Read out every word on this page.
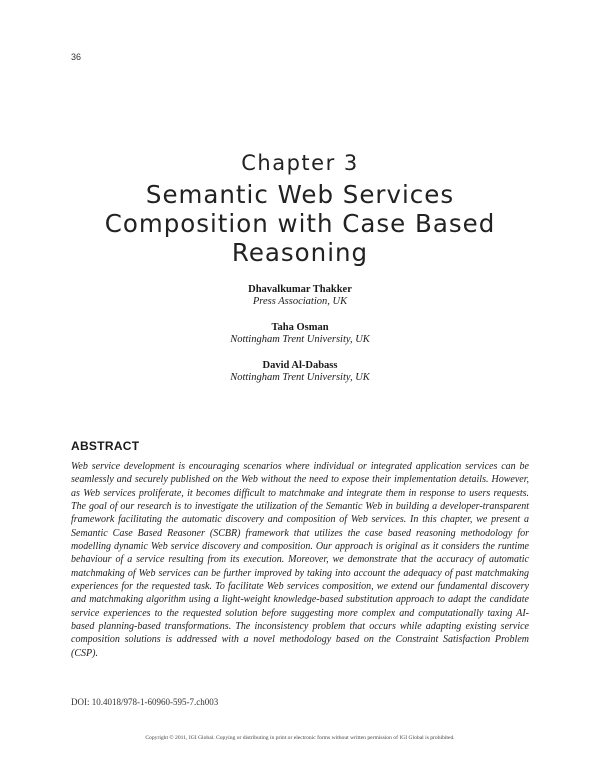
36
Chapter 3
Semantic Web Services Composition with Case Based Reasoning
Dhavalkumar Thakker
Press Association, UK
Taha Osman
Nottingham Trent University, UK
David Al-Dabass
Nottingham Trent University, UK
ABSTRACT

Web service development is encouraging scenarios where individual or integrated application services can be seamlessly and securely published on the Web without the need to expose their implementation details. However, as Web services proliferate, it becomes difficult to matchmake and integrate them in response to users requests. The goal of our research is to investigate the utilization of the Semantic Web in building a developer-transparent framework facilitating the automatic discovery and composition of Web services. In this chapter, we present a Semantic Case Based Reasoner (SCBR) framework that utilizes the case based reasoning methodology for modelling dynamic Web service discovery and composition. Our approach is original as it considers the runtime behaviour of a service resulting from its execution. Moreover, we demonstrate that the accuracy of automatic matchmaking of Web services can be further improved by taking into account the adequacy of past matchmaking experiences for the requested task. To facilitate Web services composition, we extend our fundamental discovery and matchmaking algorithm using a light-weight knowledge-based substitution approach to adapt the candidate service experiences to the requested solution before suggesting more complex and computationally taxing AI-based planning-based transformations. The inconsistency problem that occurs while adapting existing service composition solutions is addressed with a novel methodology based on the Constraint Satisfaction Problem (CSP).

DOI: 10.4018/978-1-60960-595-7.ch003
Copyright © 2011, IGI Global. Copying or distributing in print or electronic forms without written permission of IGI Global is prohibited.
